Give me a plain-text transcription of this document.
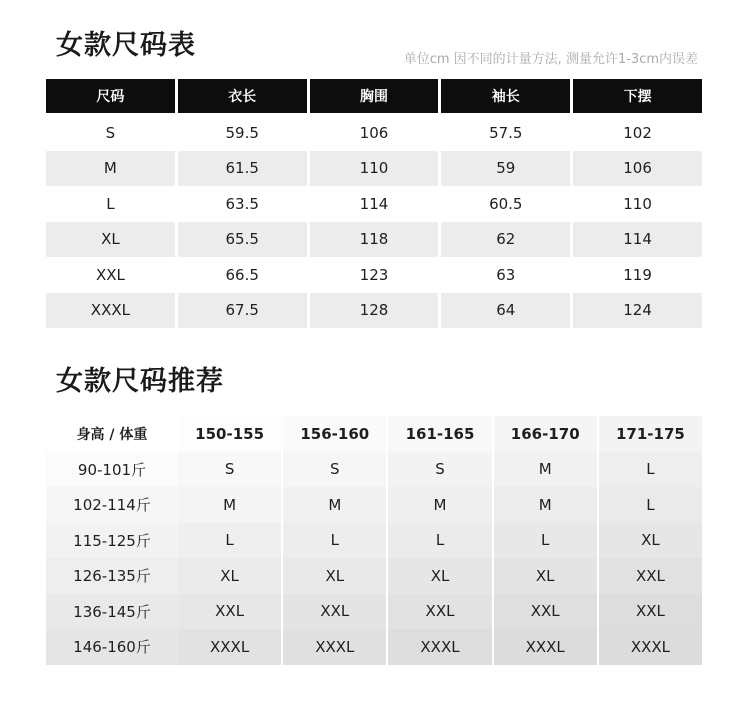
女款尺码表	单位cm 因不同的计量方法, 测量允许1-3cm内误差
尺码	衣长	胸围	袖长	下摆
S	59.5	106	57.5	102
M	61.5	110	59	106
L	63.5	114	60.5	110
XL	65.5	118	62	114
XXL	66.5	123	63	119
XXXL	67.5	128	64	124
女款尺码推荐
身高 / 体重	150-155	156-160	161-165	166-170	171-175
90-101斤	S	S	S	M	L
102-114斤	M	M	M	M	L
115-125斤	L	L	L	L	XL
126-135斤	XL	XL	XL	XL	XXL
136-145斤	XXL	XXL	XXL	XXL	XXL
146-160斤	XXXL	XXXL	XXXL	XXXL	XXXL
